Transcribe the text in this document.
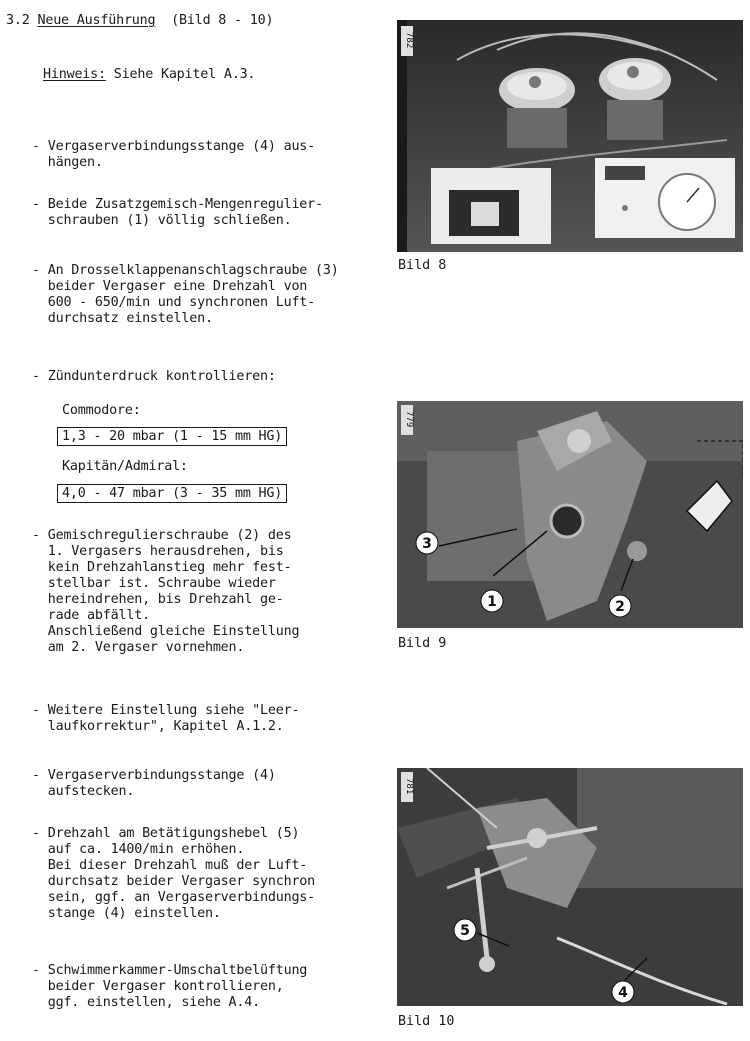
3.2 Neue Ausführung (Bild 8 - 10)
Hinweis: Siehe Kapitel A.3.
- Vergaserverbindungsstange (4) aus-
hängen.
- Beide Zusatzgemisch-Mengenregulier-
schrauben (1) völlig schließen.
- An Drosselklappenanschlagschraube (3)
beider Vergaser eine Drehzahl von
600 - 650/min und synchronen Luft-
durchsatz einstellen.
- Zündunterdruck kontrollieren:
Commodore:
1,3 - 20 mbar (1 - 15 mm HG)
Kapitän/Admiral:
4,0 - 47 mbar (3 - 35 mm HG)
- Gemischregulierschraube (2) des
1. Vergasers herausdrehen, bis
kein Drehzahlanstieg mehr fest-
stellbar ist. Schraube wieder
hereindrehen, bis Drehzahl ge-
rade abfällt.
Anschließend gleiche Einstellung
am 2. Vergaser vornehmen.
- Weitere Einstellung siehe "Leer-
laufkorrektur", Kapitel A.1.2.
- Vergaserverbindungsstange (4)
aufstecken.
- Drehzahl am Betätigungshebel (5)
auf ca. 1400/min erhöhen.
Bei dieser Drehzahl muß der Luft-
durchsatz beider Vergaser synchron
sein, ggf. an Vergaserverbindungs-
stange (4) einstellen.
- Schwimmerkammer-Umschaltbelüftung
beider Vergaser kontrollieren,
ggf. einstellen, siehe A.4.
782
Bild 8
3
1	2
779
Bild 9
5
4
781
Bild 10
